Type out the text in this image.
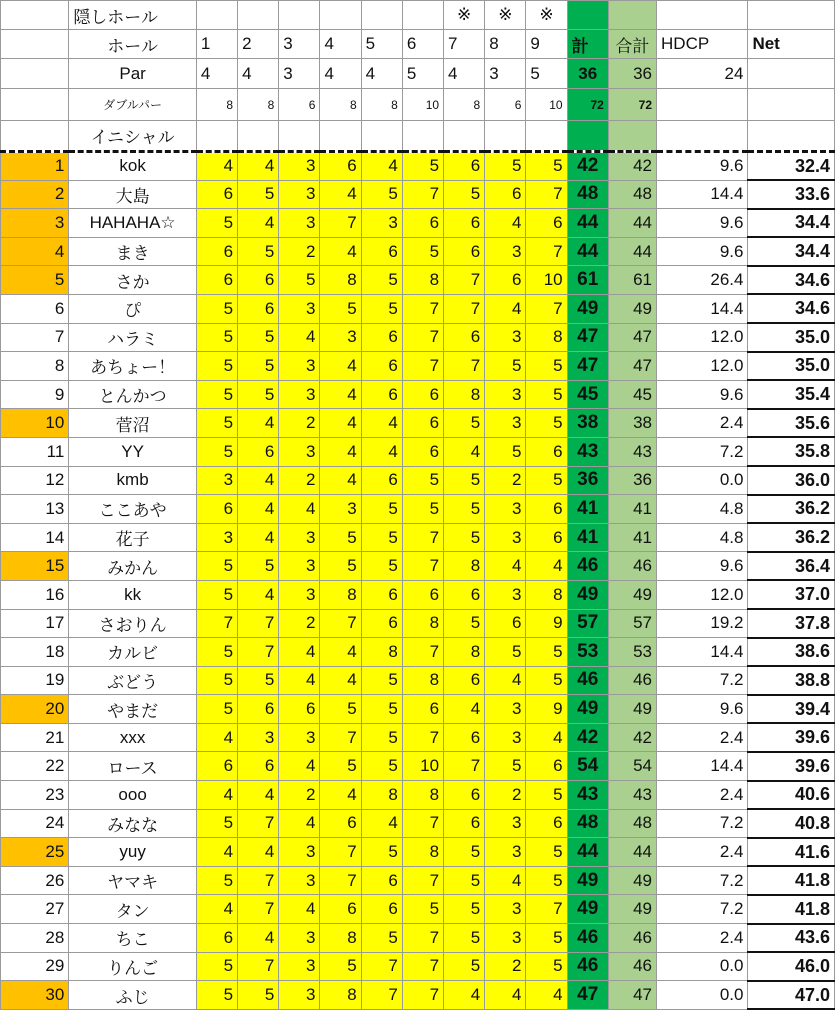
	隠しホール							※	※	※				
	ホール	1	2	3	4	5	6	7	8	9	計	合計	HDCP	Net
	Par	4	4	3	4	4	5	4	3	5	36	36	24	
	ダブルパー	8	8	6	8	8	10	8	6	10	72	72		
	イニシャル													
1	kok	4	4	3	6	4	5	6	5	5	42	42	9.6	32.4
2	大島	6	5	3	4	5	7	5	6	7	48	48	14.4	33.6
3	HAHAHA☆	5	4	3	7	3	6	6	4	6	44	44	9.6	34.4
4	まき	6	5	2	4	6	5	6	3	7	44	44	9.6	34.4
5	さか	6	6	5	8	5	8	7	6	10	61	61	26.4	34.6
6	ぴ	5	6	3	5	5	7	7	4	7	49	49	14.4	34.6
7	ハラミ	5	5	4	3	6	7	6	3	8	47	47	12.0	35.0
8	あちょー！	5	5	3	4	6	7	7	5	5	47	47	12.0	35.0
9	とんかつ	5	5	3	4	6	6	8	3	5	45	45	9.6	35.4
10	菅沼	5	4	2	4	4	6	5	3	5	38	38	2.4	35.6
11	YY	5	6	3	4	4	6	4	5	6	43	43	7.2	35.8
12	kmb	3	4	2	4	6	5	5	2	5	36	36	0.0	36.0
13	ここあや	6	4	4	3	5	5	5	3	6	41	41	4.8	36.2
14	花子	3	4	3	5	5	7	5	3	6	41	41	4.8	36.2
15	みかん	5	5	3	5	5	7	8	4	4	46	46	9.6	36.4
16	kk	5	4	3	8	6	6	6	3	8	49	49	12.0	37.0
17	さおりん	7	7	2	7	6	8	5	6	9	57	57	19.2	37.8
18	カルビ	5	7	4	4	8	7	8	5	5	53	53	14.4	38.6
19	ぶどう	5	5	4	4	5	8	6	4	5	46	46	7.2	38.8
20	やまだ	5	6	6	5	5	6	4	3	9	49	49	9.6	39.4
21	xxx	4	3	3	7	5	7	6	3	4	42	42	2.4	39.6
22	ロース	6	6	4	5	5	10	7	5	6	54	54	14.4	39.6
23	ooo	4	4	2	4	8	8	6	2	5	43	43	2.4	40.6
24	みなな	5	7	4	6	4	7	6	3	6	48	48	7.2	40.8
25	yuy	4	4	3	7	5	8	5	3	5	44	44	2.4	41.6
26	ヤマキ	5	7	3	7	6	7	5	4	5	49	49	7.2	41.8
27	タン	4	7	4	6	6	5	5	3	7	49	49	7.2	41.8
28	ちこ	6	4	3	8	5	7	5	3	5	46	46	2.4	43.6
29	りんご	5	7	3	5	7	7	5	2	5	46	46	0.0	46.0
30	ふじ	5	5	3	8	7	7	4	4	4	47	47	0.0	47.0
